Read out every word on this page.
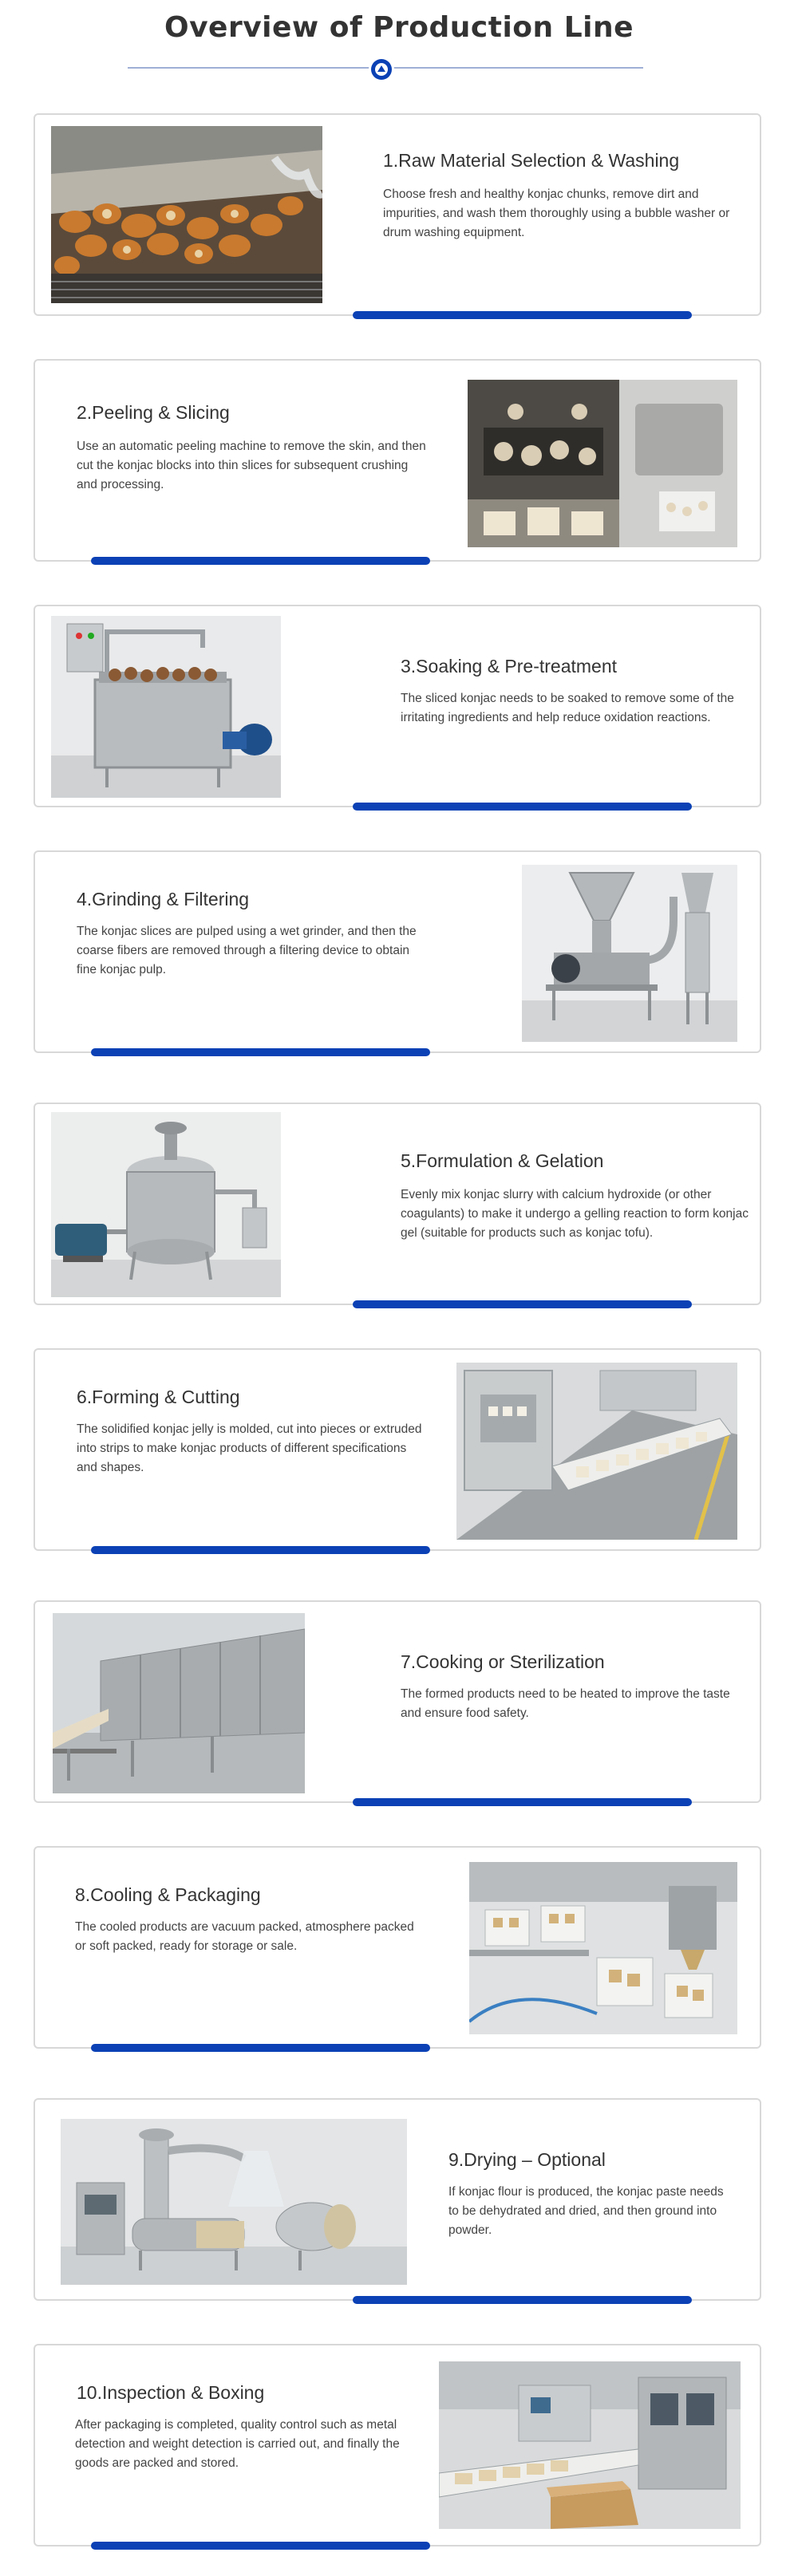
Overview of Production Line
1.Raw Material Selection & Washing
Choose fresh and healthy konjac chunks, remove dirt and impurities, and wash them thoroughly using a bubble washer or drum washing equipment.
2.Peeling & Slicing
Use an automatic peeling machine to remove the skin, and then cut the konjac blocks into thin slices for subsequent crushing and processing.
3.Soaking & Pre-treatment
The sliced konjac needs to be soaked to remove some of the irritating ingredients and help reduce oxidation reactions.
4.Grinding & Filtering
The konjac slices are pulped using a wet grinder, and then the coarse fibers are removed through a filtering device to obtain fine konjac pulp.
5.Formulation & Gelation
Evenly mix konjac slurry with calcium hydroxide (or other coagulants) to make it undergo a gelling reaction to form konjac gel (suitable for products such as konjac tofu).
6.Forming & Cutting
The solidified konjac jelly is molded, cut into pieces or extruded into strips to make konjac products of different specifications and shapes.
7.Cooking or Sterilization
The formed products need to be heated to improve the taste and ensure food safety.
8.Cooling & Packaging
The cooled products are vacuum packed, atmosphere packed or soft packed, ready for storage or sale.
9.Drying – Optional
If konjac flour is produced, the konjac paste needs to be dehydrated and dried, and then ground into powder.
10.Inspection & Boxing
After packaging is completed, quality control such as metal detection and weight detection is carried out, and finally the goods are packed and stored.
